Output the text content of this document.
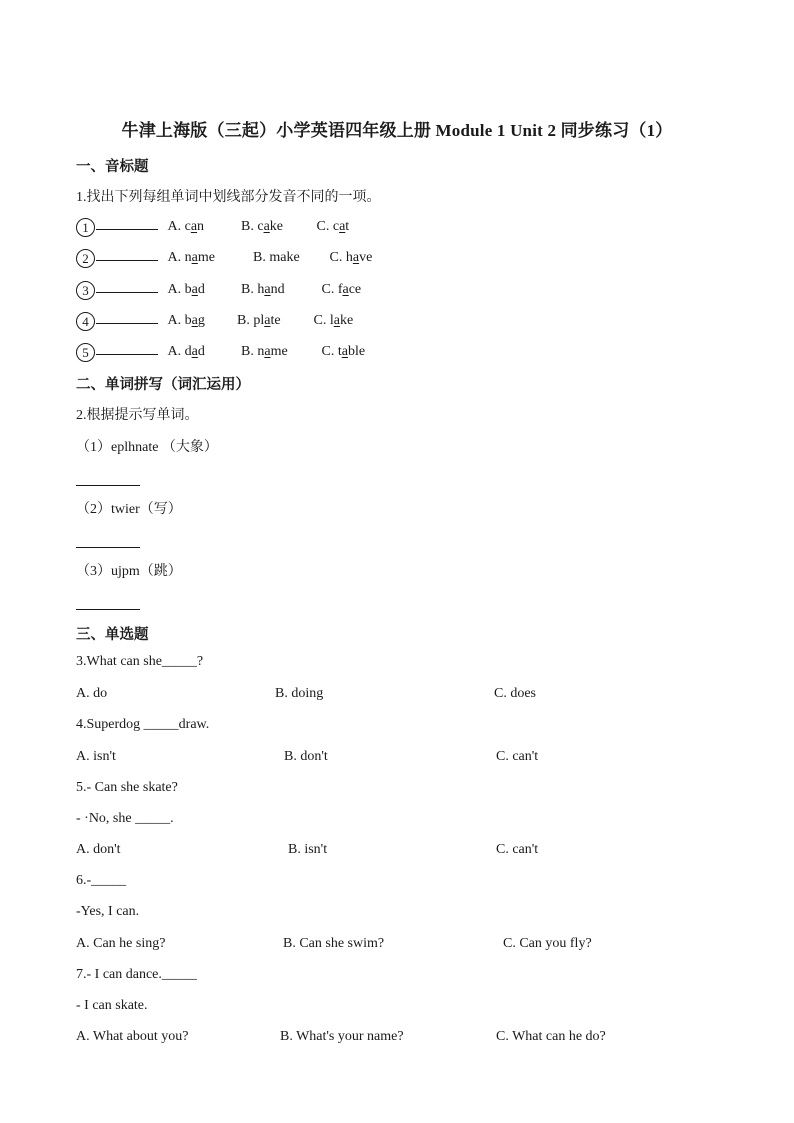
牛津上海版（三起）小学英语四年级上册 Module 1 Unit 2 同步练习（1）
一、音标题
1.找出下列每组单词中划线部分发音不同的一项。
1	A. can	B. cake C. cat
2	A. name	B. make C. have
3	A. bad	B. hand	C. face
4	A. bag B. plate C. lake
5	A. dad	B. name C. table
二、单词拼写（词汇运用）
2.根据提示写单词。
（1）eplhnate （大象）
（2）twier（写）
（3）ujpm（跳）
三、单选题
3.What can she_____?
A. do	B. doing	C. does
4.Superdog _____draw.
A. isn't	B. don't	C. can't
5.- Can she skate?
- ·No, she _____.
A. don't	B. isn't	C. can't
6.-_____
-Yes, I can.
A. Can he sing?	B. Can she swim?	C. Can you fly?
7.- I can dance._____
- I can skate.
A. What about you?	B. What's your name?	C. What can he do?
